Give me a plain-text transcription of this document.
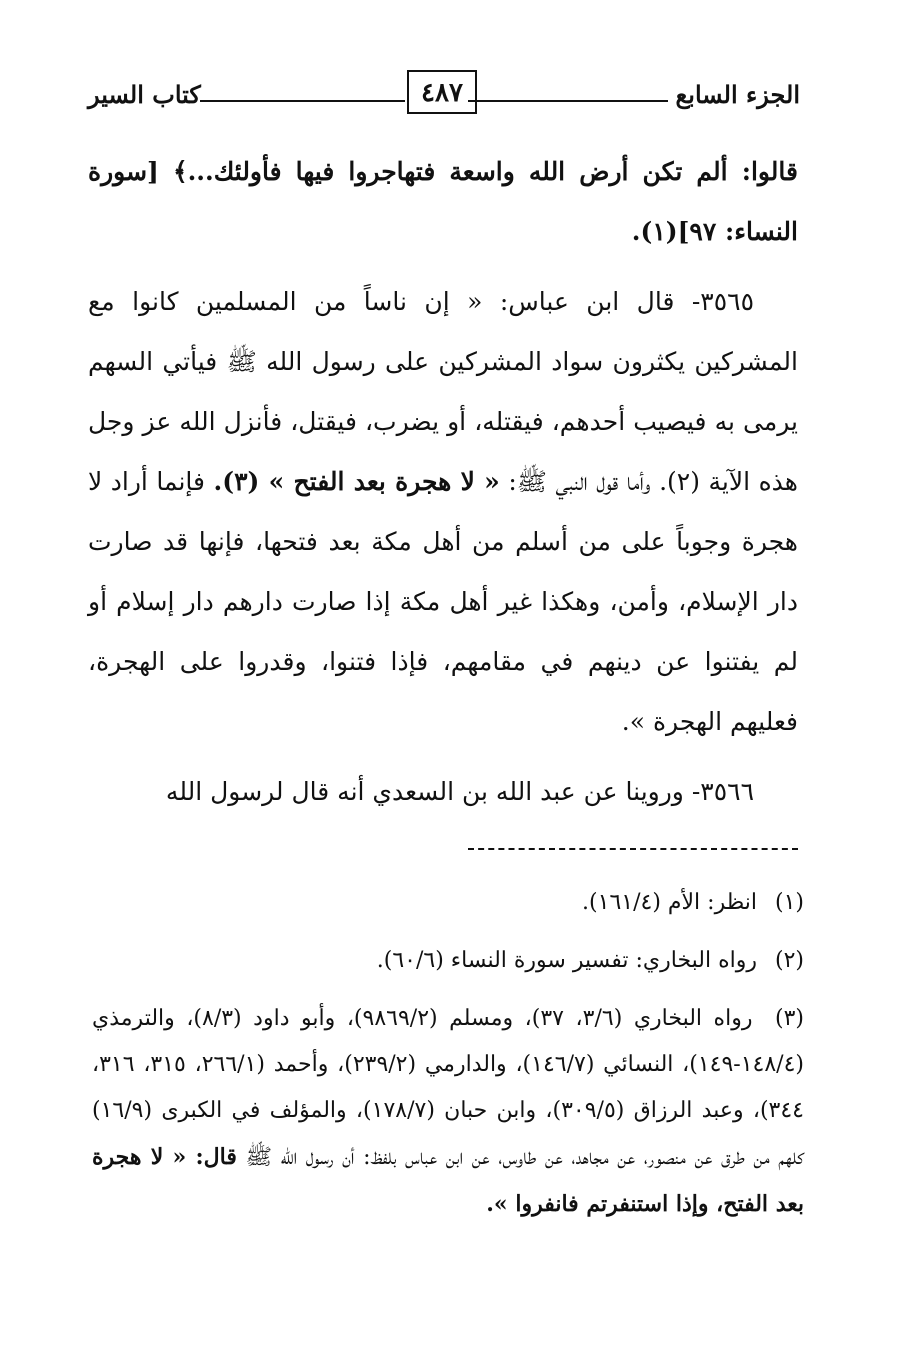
الجزء السابع
٤٨٧
كتاب السير

قالوا: ألم تكن أرض الله واسعة فتهاجروا فيها فأولئك...﴾ [سورة النساء: ٩٧](١).

٣٥٦٥- قال ابن عباس: « إن ناساً من المسلمين كانوا مع المشركين يكثرون سواد المشركين على رسول الله ﷺ فيأتي السهم يرمى به فيصيب أحدهم، فيقتله، أو يضرب، فيقتل، فأنزل الله عز وجل هذه الآية (٢). وأما قول النبي ﷺ: « لا هجرة بعد الفتح » (٣). فإنما أراد لا هجرة وجوباً على من أسلم من أهل مكة بعد فتحها، فإنها قد صارت دار الإسلام، وأمن، وهكذا غير أهل مكة إذا صارت دارهم دار إسلام أو لم يفتنوا عن دينهم في مقامهم، فإذا فتنوا، وقدروا على الهجرة، فعليهم الهجرة ».

٣٥٦٦- وروينا عن عبد الله بن السعدي أنه قال لرسول الله

(١) انظر: الأم (١٦١/٤).

(٢) رواه البخاري: تفسير سورة النساء (٦٠/٦).

(٣) رواه البخاري (٣/٦، ٣٧)، ومسلم (٩٨٦٩/٢)، وأبو داود (٨/٣)، والترمذي (١٤٨/٤-١٤٩)، النسائي (١٤٦/٧)، والدارمي (٢٣٩/٢)، وأحمد (٢٦٦/١، ٣١٥، ٣١٦، ٣٤٤)، وعبد الرزاق (٣٠٩/٥)، وابن حبان (١٧٨/٧)، والمؤلف في الكبرى (١٦/٩) كلهم من طرق عن منصور، عن مجاهد، عن طاوس، عن ابن عباس بلفظ: أن رسول الله ﷺ قال: « لا هجرة بعد الفتح، وإذا استنفرتم فانفروا ».
